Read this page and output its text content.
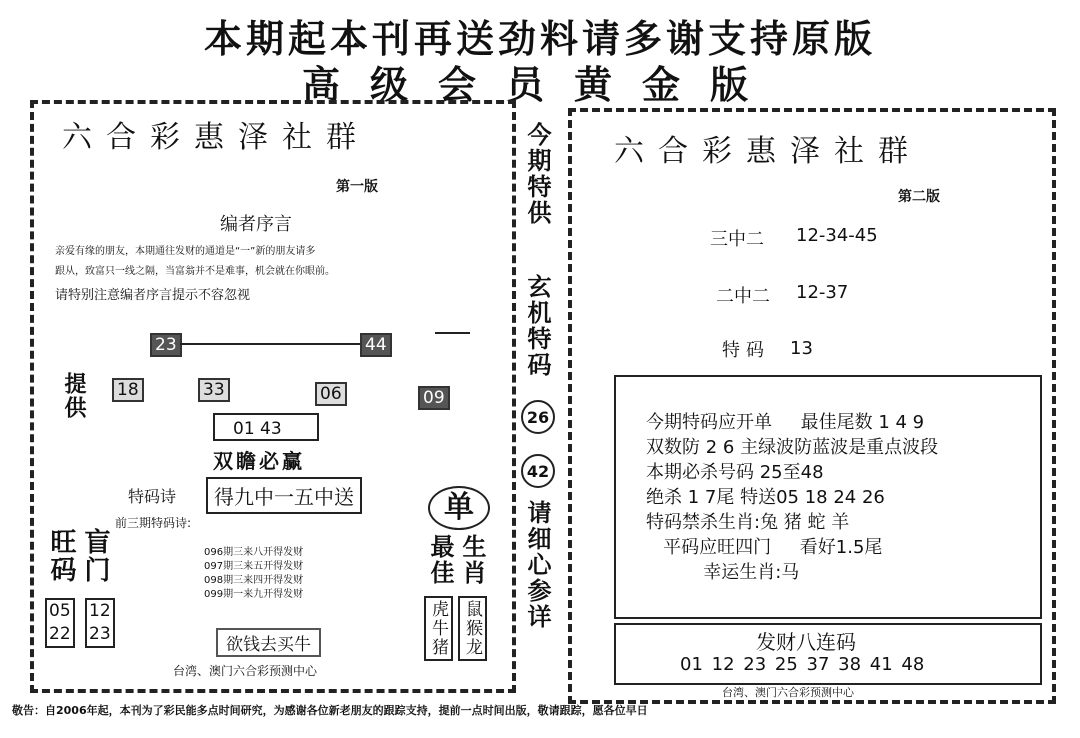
本期起本刊再送劲料请多谢支持原版
高级会员黄金版
六合彩惠泽社群
第一版
编者序言
亲爱有缘的朋友，本期通往发财的通道是“一”新的朋友请多
跟从，致富只一线之隔，当富翁并不是难事，机会就在你眼前。
请特别注意编者序言提示不容忽视
23	44
提供 18	33	06	09
01 43
双瞻必赢
特码诗	得九中一五中送
前三期特码诗:
096期三来八开得发财
097期三来五开得发财
098期三来四开得发财
099期一来九开得发财
旺码 盲门
05
22
12
23
单
最佳 生肖
虎牛猪 鼠猴龙
欲钱去买牛
台湾、澳门六合彩预测中心
今期特供
玄机特码
26
42
请细心参详
六合彩惠泽社群
第二版
三中二 12-34-45
二中二 12-37
特码 13
今期特码应开单     最佳尾数 1 4 9
双数防 2 6 主绿波防蓝波是重点波段
本期必杀号码 25至48
绝杀 1 7尾 特送05 18 24 26
特码禁杀生肖:兔 猪 蛇 羊
平码应旺四门     看好1.5尾
幸运生肖:马
发财八连码
01 12 23 25 37 38 41 48
台湾、澳门六合彩预测中心
敬告：自2006年起，本刊为了彩民能多点时间研究，为感谢各位新老朋友的跟踪支持，提前一点时间出版，敬请跟踪，愿各位早日
